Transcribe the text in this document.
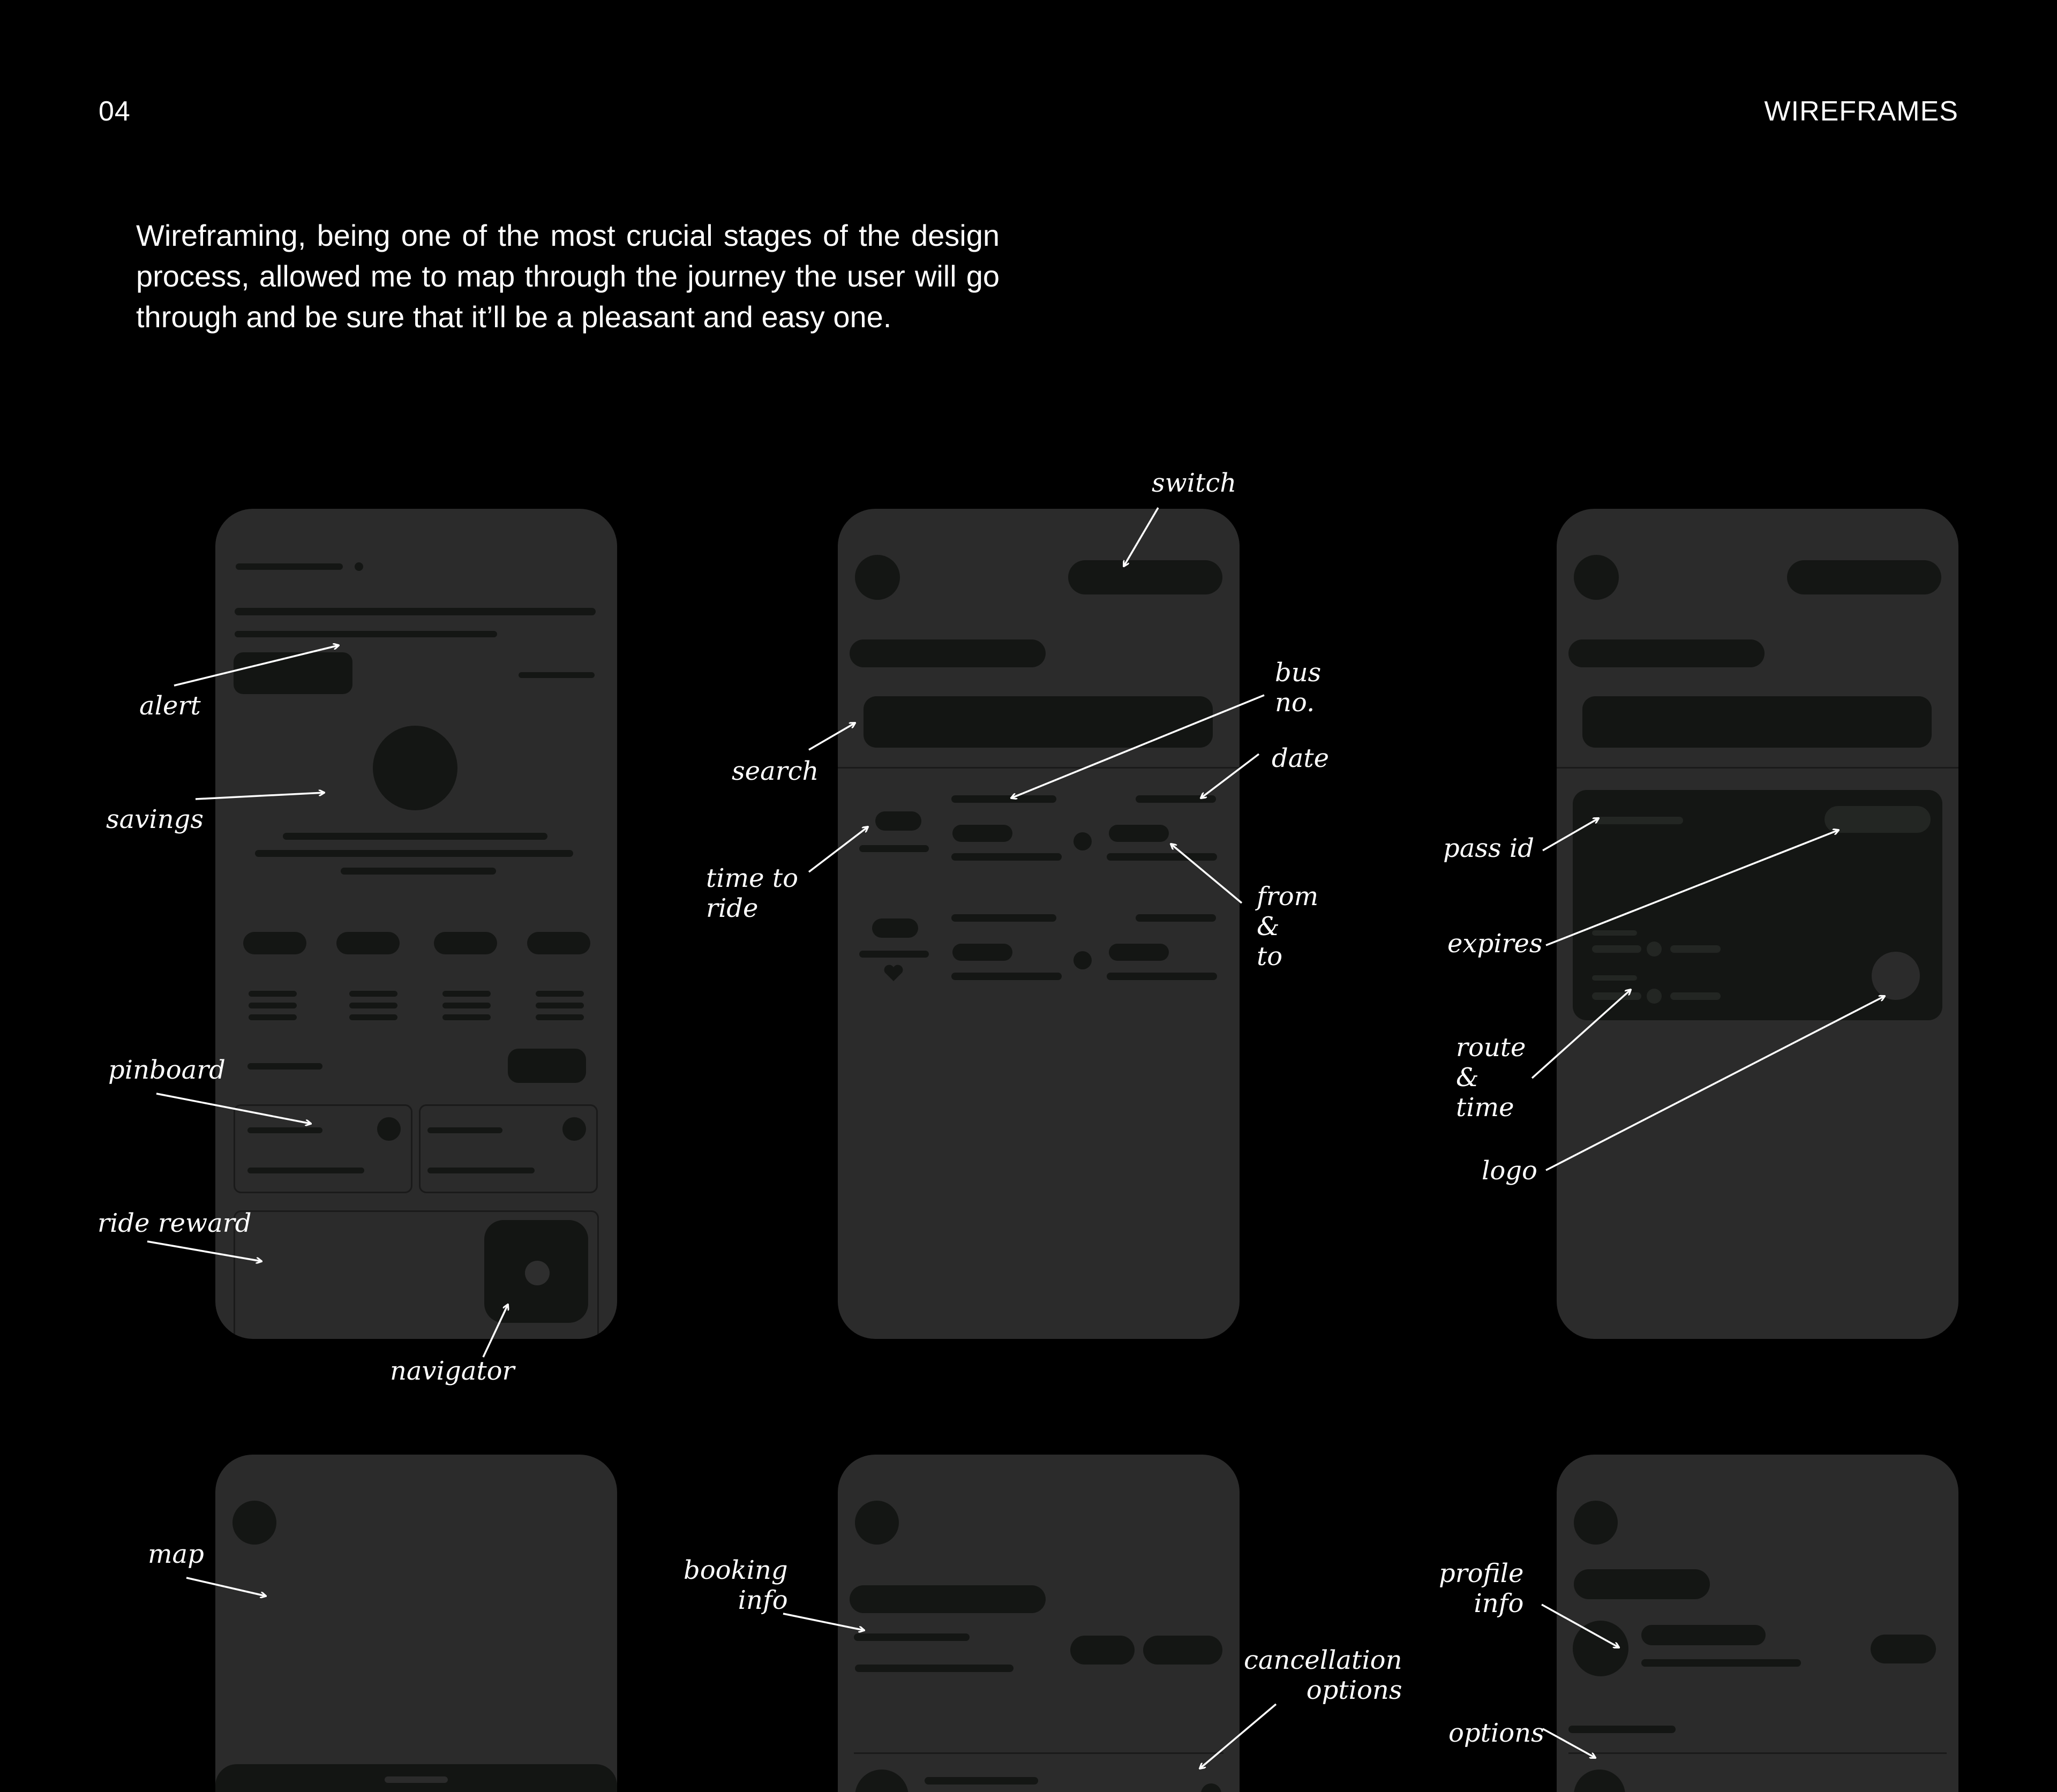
04	WIREFRAMES
Wireframing, being one of the most crucial stages of the design process, allowed me to map through the journey the user will go through and be sure that it’ll be a pleasant and easy one.
alert
savings
pinboard
ride reward
navigator
switch
search
bus
no.
date
time to
ride	from
&
to
pass id
expires
route
&
time
logo
map
booking
info
cancellation
options
profile
info
options
